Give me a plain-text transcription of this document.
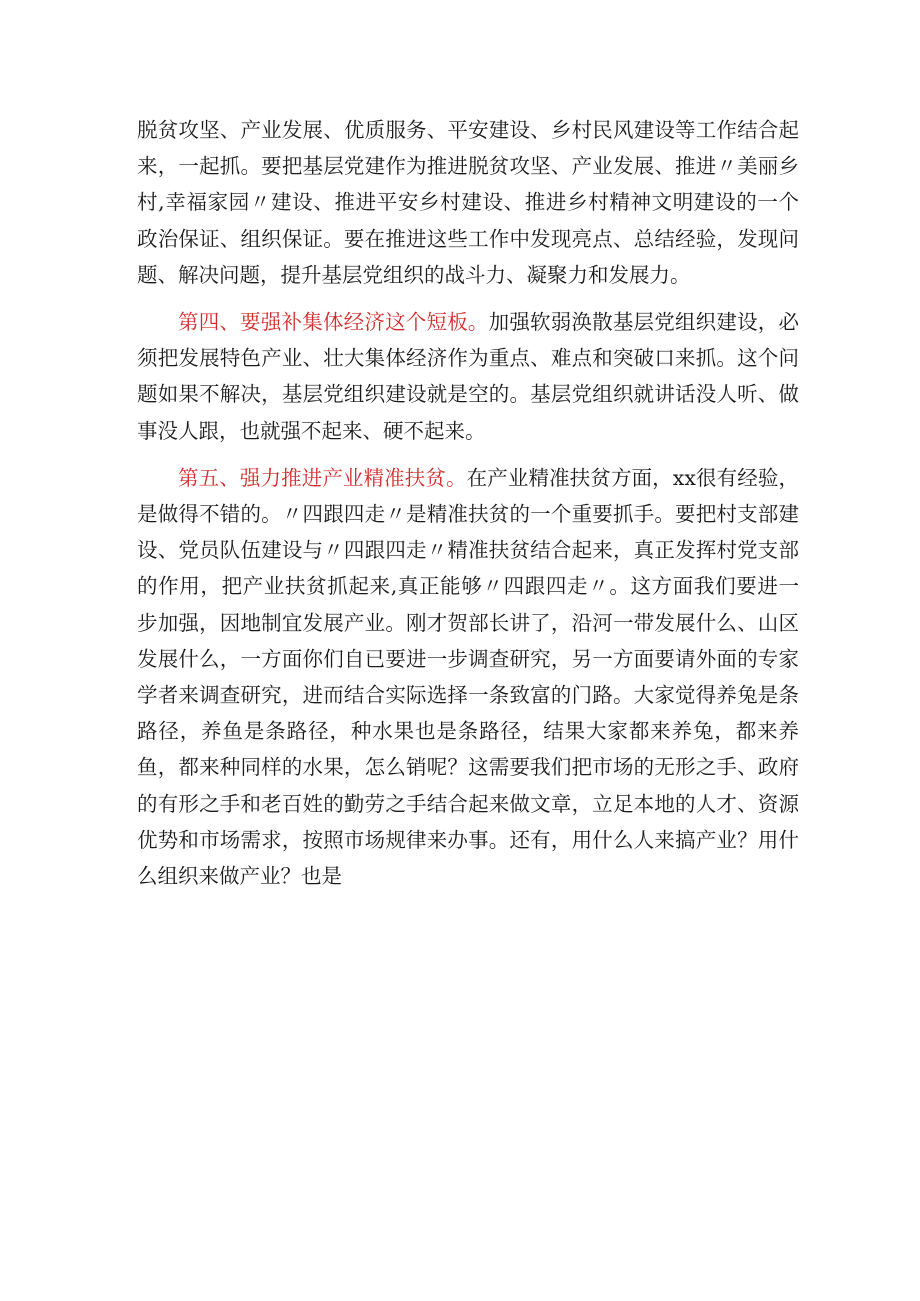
脱贫攻坚、产业发展、优质服务、平安建设、乡村民风建设等工作结合起来，一起抓。要把基层党建作为推进脱贫攻坚、产业发展、推进〃美丽乡村,幸福家园〃建设、推进平安乡村建设、推进乡村精神文明建设的一个政治保证、组织保证。要在推进这些工作中发现亮点、总结经验，发现问题、解决问题，提升基层党组织的战斗力、凝聚力和发展力。

第四、要强补集体经济这个短板。加强软弱涣散基层党组织建设，必须把发展特色产业、壮大集体经济作为重点、难点和突破口来抓。这个问题如果不解决，基层党组织建设就是空的。基层党组织就讲话没人听、做事没人跟，也就强不起来、硬不起来。

第五、强力推进产业精准扶贫。在产业精准扶贫方面，xx很有经验，是做得不错的。〃四跟四走〃是精准扶贫的一个重要抓手。要把村支部建设、党员队伍建设与〃四跟四走〃精准扶贫结合起来，真正发挥村党支部的作用，把产业扶贫抓起来,真正能够〃四跟四走〃。这方面我们要进一步加强，因地制宜发展产业。刚才贺部长讲了，沿河一带发展什么、山区发展什么，一方面你们自已要进一步调查研究，另一方面要请外面的专家学者来调查研究，进而结合实际选择一条致富的门路。大家觉得养兔是条路径，养鱼是条路径，种水果也是条路径，结果大家都来养兔，都来养鱼，都来种同样的水果，怎么销呢？这需要我们把市场的无形之手、政府的有形之手和老百姓的勤劳之手结合起来做文章，立足本地的人才、资源优势和市场需求，按照市场规律来办事。还有，用什么人来搞产业？用什么组织来做产业？也是
